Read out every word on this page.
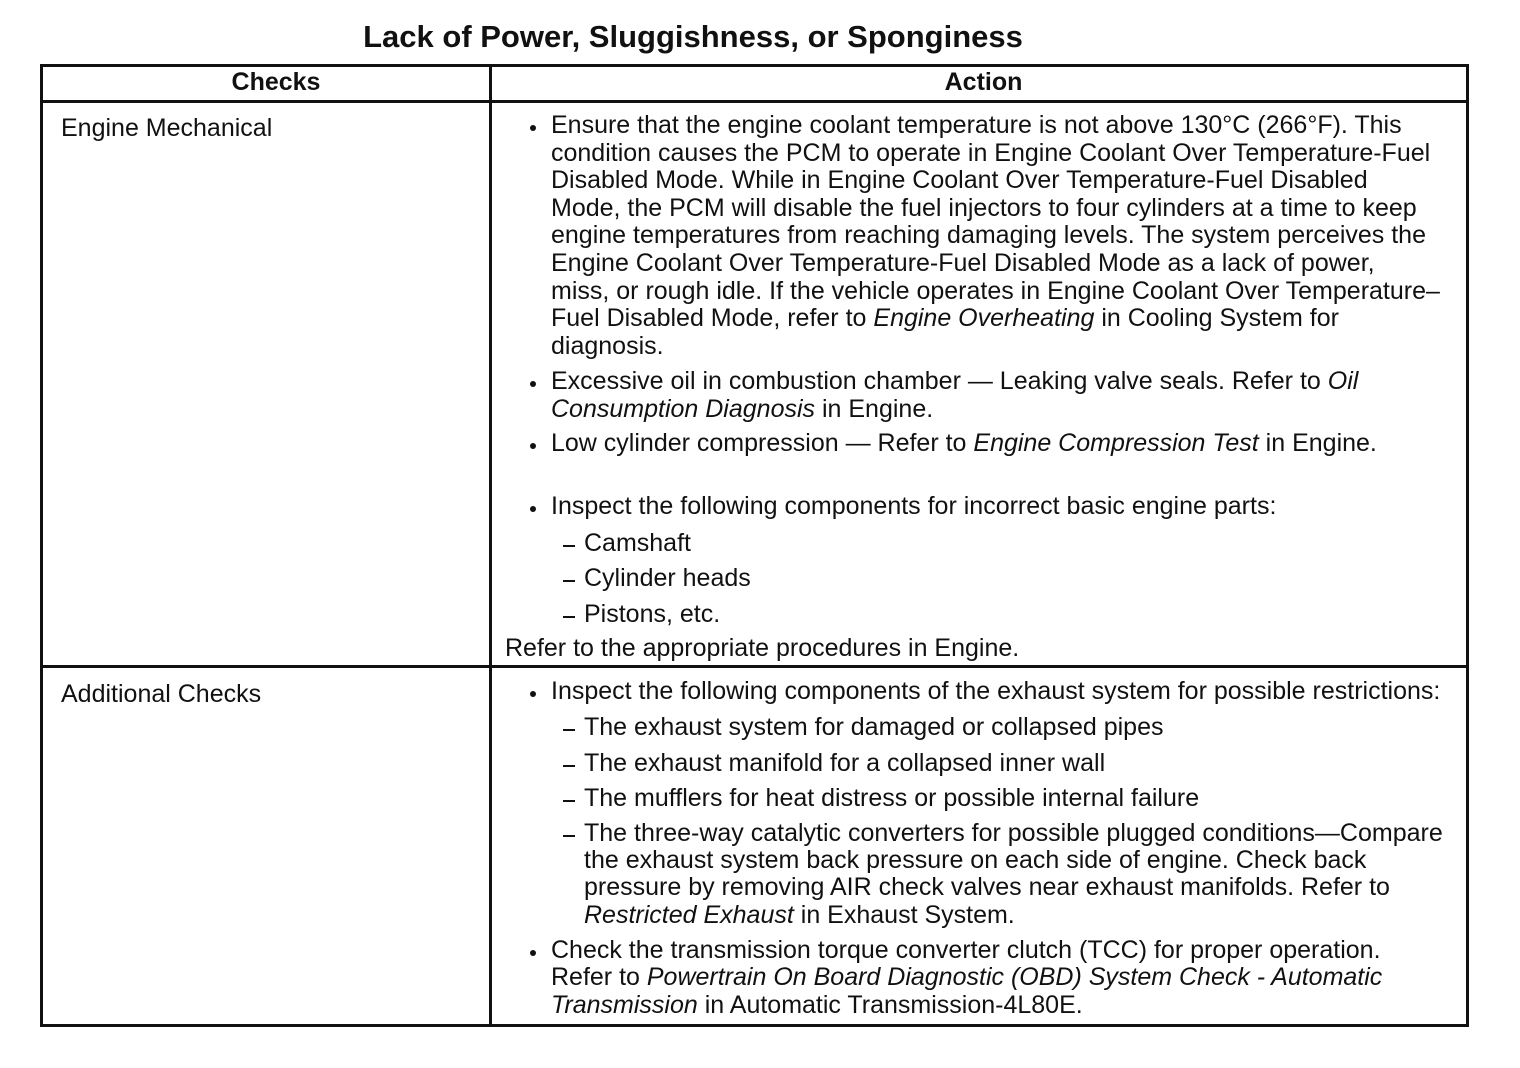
Lack of Power, Sluggishness, or Sponginess
Checks	Action
Engine Mechanical	Ensure that the engine coolant temperature is not above 130°C (266°F). This
condition causes the PCM to operate in Engine Coolant Over Temperature-Fuel
Disabled Mode. While in Engine Coolant Over Temperature-Fuel Disabled
Mode, the PCM will disable the fuel injectors to four cylinders at a time to keep
engine temperatures from reaching damaging levels. The system perceives the
Engine Coolant Over Temperature-Fuel Disabled Mode as a lack of power,
miss, or rough idle. If the vehicle operates in Engine Coolant Over Temperature–
Fuel Disabled Mode, refer to Engine Overheating in Cooling System for
diagnosis.
Excessive oil in combustion chamber — Leaking valve seals. Refer to Oil
Consumption Diagnosis in Engine.
Low cylinder compression — Refer to Engine Compression Test in Engine.
Inspect the following components for incorrect basic engine parts:
Camshaft
Cylinder heads
Pistons, etc.
Refer to the appropriate procedures in Engine.
Additional Checks	Inspect the following components of the exhaust system for possible restrictions:
The exhaust system for damaged or collapsed pipes
The exhaust manifold for a collapsed inner wall
The mufflers for heat distress or possible internal failure
The three-way catalytic converters for possible plugged conditions—Compare
the exhaust system back pressure on each side of engine. Check back
pressure by removing AIR check valves near exhaust manifolds. Refer to
Restricted Exhaust in Exhaust System.
Check the transmission torque converter clutch (TCC) for proper operation.
Refer to Powertrain On Board Diagnostic (OBD) System Check - Automatic
Transmission in Automatic Transmission-4L80E.
